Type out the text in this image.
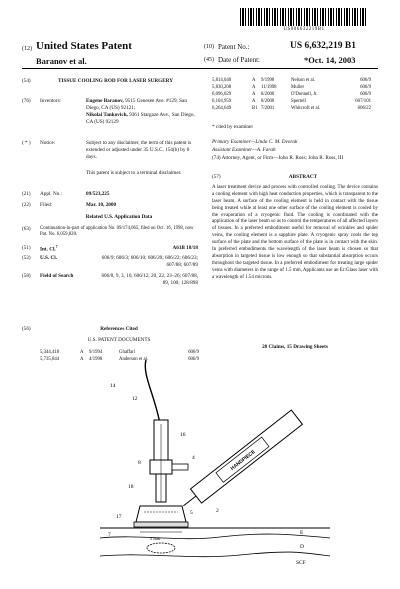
US006632219B1
(12) United States Patent
Baranov et al.
(10) Patent No.:	US 6,632,219 B1
(45) Date of Patent:	*Oct. 14, 2003
(54)	TISSUE COOLING ROD FOR LASER SURGERY
(76) Inventors:	Eugene Baranov, 9515 Genesee Ave. #129, San Diego, CA (US) 92121;
Nikolai Tankovich, 9361 Stargaze Ave., San Diego, CA (US) 92129
( * ) Notice:	Subject to any disclaimer, the term of this patent is extended or adjusted under 35 U.S.C. 154(b) by 0 days.
This patent is subject to a terminal disclaimer.
(21) Appl. No.:	09/523,225
(22) Filed:	Mar. 10, 2000
Related U.S. Application Data
(63) Continuation-in-part of application No. 09/174,065, filed on Oct. 16, 1998, now Pat. No. 6,059,820.
(51) Int. Cl.$^7$	A61B 18/18
(52) U.S. Cl.	606/9; 606/3; 606/10; 606/20; 606/22; 606/23; 607/88; 607/89
(58) Field of Search	606/8, 9, 3, 10, 606/12, 20, 22, 23–26; 607/88, 89, 100; 128/898
(56)	References Cited
U.S. PATENT DOCUMENTS
5,344,418	A	9/1994	Ghaffari	606/9
5,735,844	A	4/1998	Anderson et al.	606/9
5,814,040	A	9/1998	Nelson et al.	606/9
5,830,208	A	11/1998	Muller	606/9
6,096,029	A	8/2000	O'Donnell, Jr.	606/9
6,104,959	A	8/2000	Spertell	607/101
6,264,649	B1 7/2001	Whitcroft et al.	606/22
* cited by examiner
Primary Examiner—Linda C. M. Dvorak
Assistant Examiner—A. Farah
(74) Attorney, Agent, or Firm—John R. Ross; John R. Ross, III
(57)	ABSTRACT
A laser treatment device and process with controlled cooling. The device contains a cooling element with high heat conduction properties, which is transparent to the laser beam. A surface of the cooling element is held in contact with the tissue being treated while at least one other surface of the cooling element is cooled by the evaporation of a cryogenic fluid. The cooling is coordinated with the application of the laser beam so as to control the temperatures of all affected layers of tissues. In a preferred embodiment useful for removal of wrinkles and spider veins, the cooling element is a sapphire plate. A cryogenic spray cools the top surface of the plate and the bottom surface of the plate is in contact with the skin. In preferred embodiments the wavelength of the laser beam is chosen so that absorption in targeted tissue is low enough so that substantial absorption occurs throughout the targeted tissue. In a preferred embodiment for treating large spider veins with diameters in the range of 1.5 mm, Applicants use an Er:Glass laser with a wavelength of 1.54 microns.
28 Claims, 15 Drawing Sheets
HANDPIECE
14
12
16
4
2
8
18
5
17
5 mm
7	E
D
SCF
